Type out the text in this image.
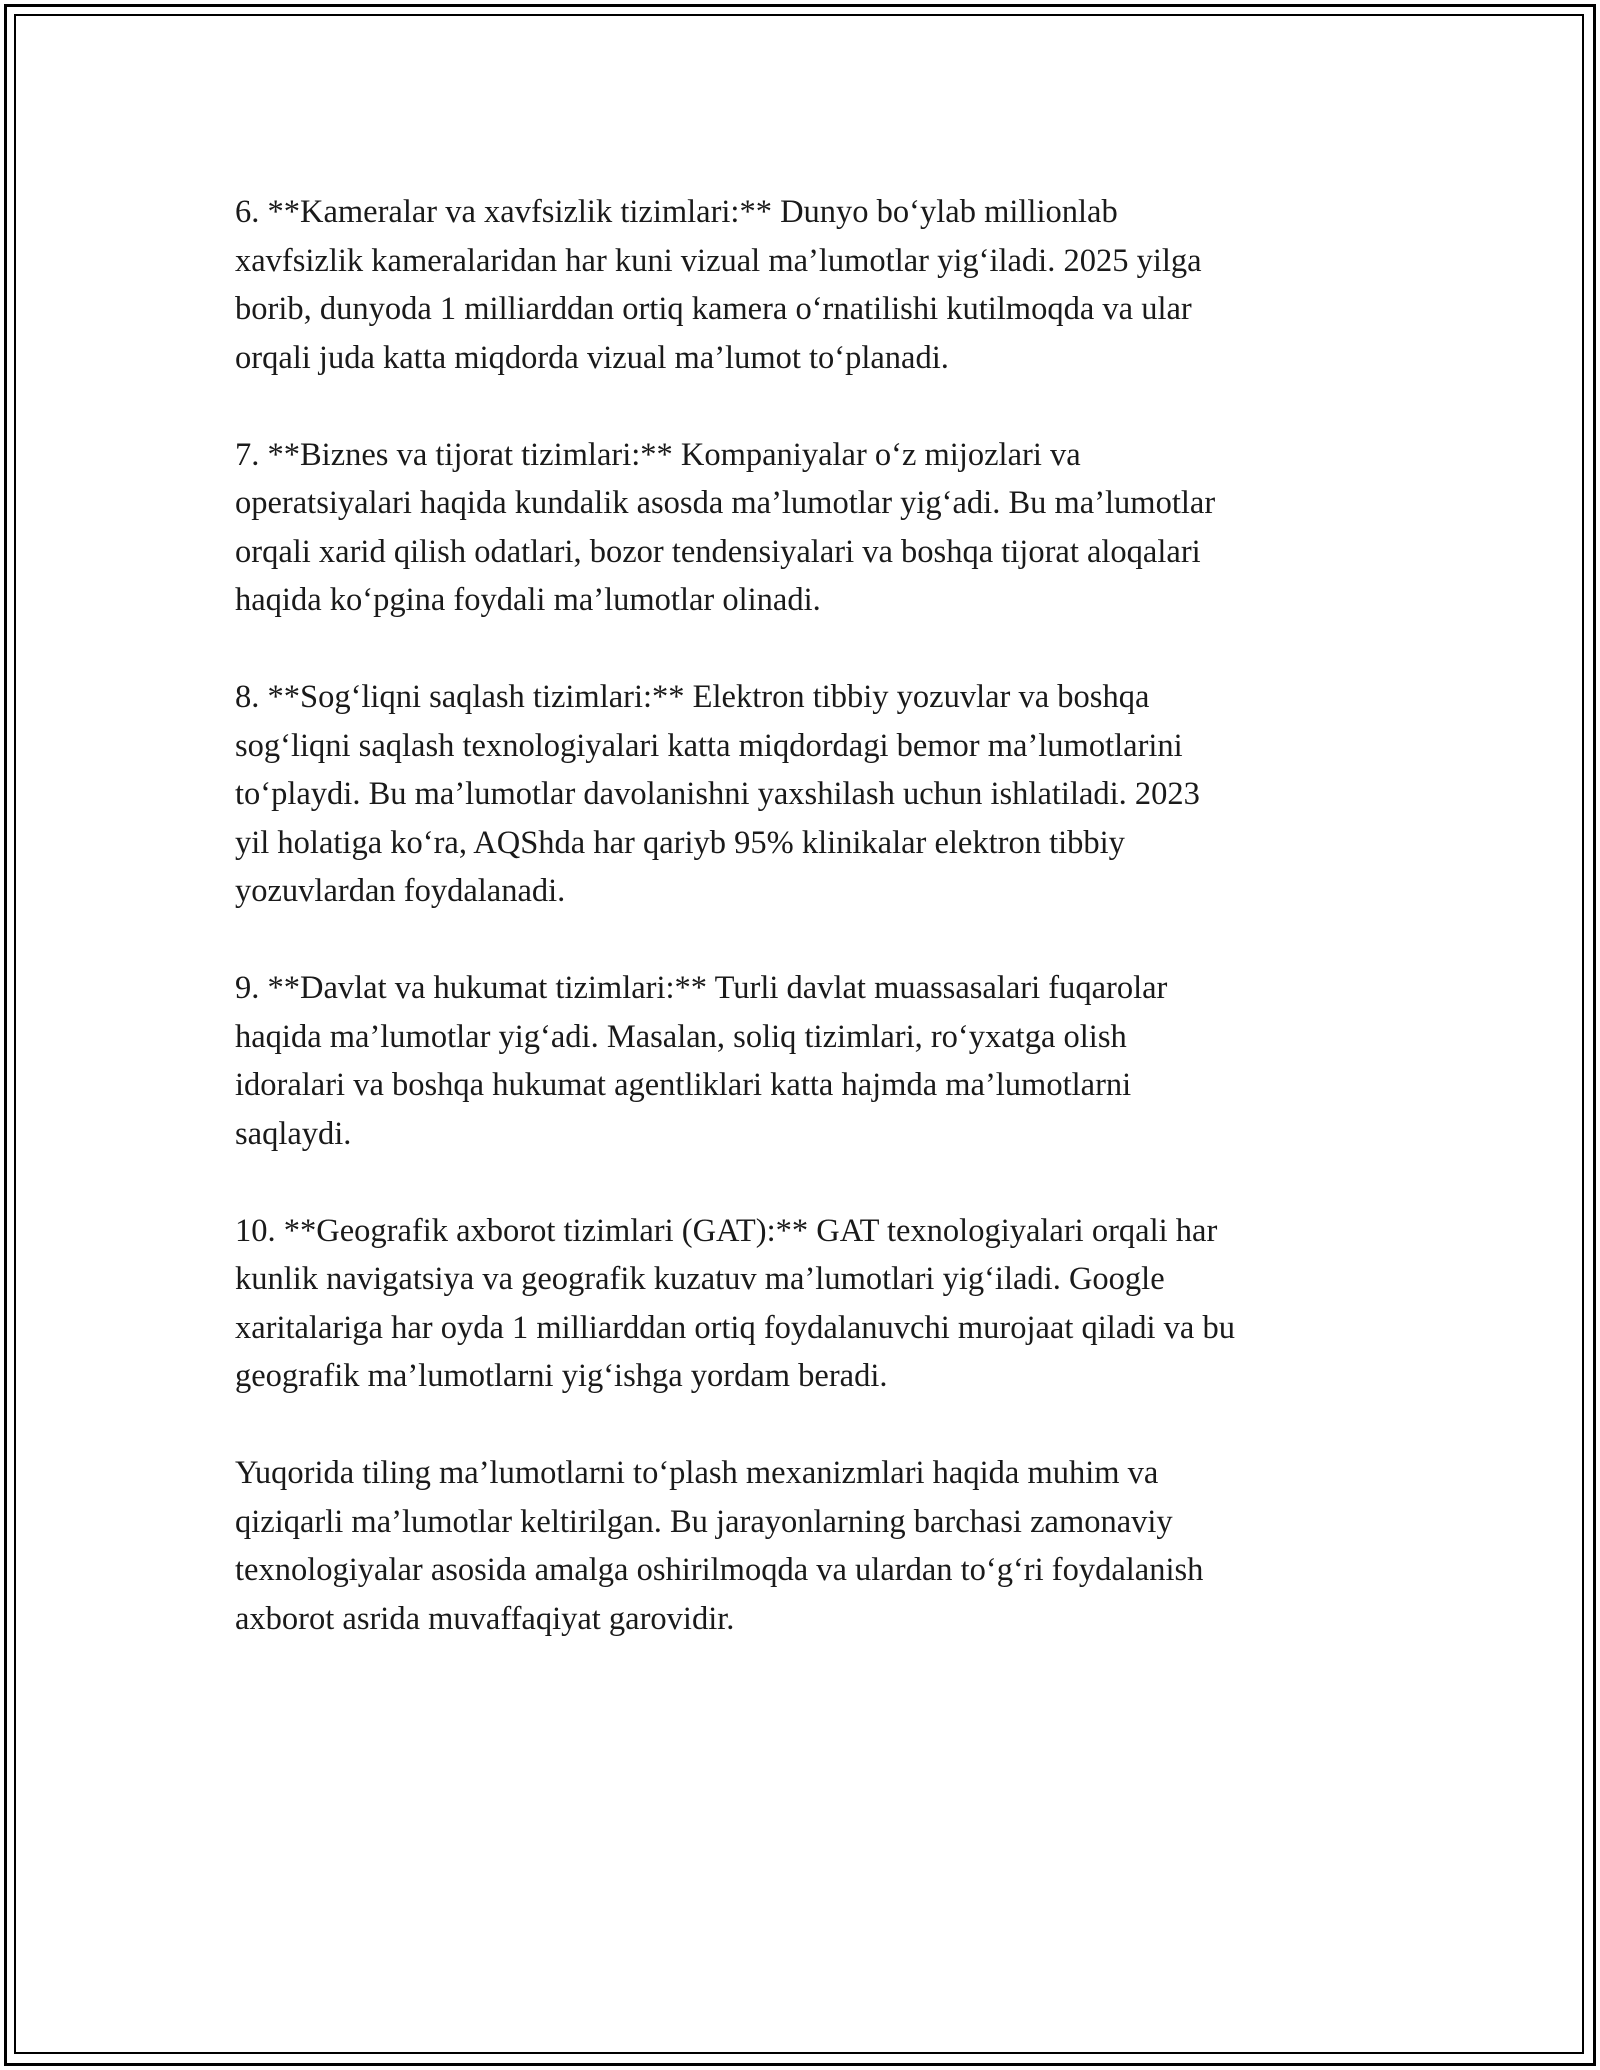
6. **Kameralar va xavfsizlik tizimlari:** Dunyo bo‘ylab millionlab
xavfsizlik kameralaridan har kuni vizual ma’lumotlar yig‘iladi. 2025 yilga
borib, dunyoda 1 milliarddan ortiq kamera o‘rnatilishi kutilmoqda va ular
orqali juda katta miqdorda vizual ma’lumot to‘planadi.

7. **Biznes va tijorat tizimlari:** Kompaniyalar o‘z mijozlari va
operatsiyalari haqida kundalik asosda ma’lumotlar yig‘adi. Bu ma’lumotlar
orqali xarid qilish odatlari, bozor tendensiyalari va boshqa tijorat aloqalari
haqida ko‘pgina foydali ma’lumotlar olinadi.

8. **Sog‘liqni saqlash tizimlari:** Elektron tibbiy yozuvlar va boshqa
sog‘liqni saqlash texnologiyalari katta miqdordagi bemor ma’lumotlarini
to‘playdi. Bu ma’lumotlar davolanishni yaxshilash uchun ishlatiladi. 2023
yil holatiga ko‘ra, AQShda har qariyb 95% klinikalar elektron tibbiy
yozuvlardan foydalanadi.

9. **Davlat va hukumat tizimlari:** Turli davlat muassasalari fuqarolar
haqida ma’lumotlar yig‘adi. Masalan, soliq tizimlari, ro‘yxatga olish
idoralari va boshqa hukumat agentliklari katta hajmda ma’lumotlarni
saqlaydi.

10. **Geografik axborot tizimlari (GAT):** GAT texnologiyalari orqali har
kunlik navigatsiya va geografik kuzatuv ma’lumotlari yig‘iladi. Google
xaritalariga har oyda 1 milliarddan ortiq foydalanuvchi murojaat qiladi va bu
geografik ma’lumotlarni yig‘ishga yordam beradi.

Yuqorida tiling ma’lumotlarni to‘plash mexanizmlari haqida muhim va
qiziqarli ma’lumotlar keltirilgan. Bu jarayonlarning barchasi zamonaviy
texnologiyalar asosida amalga oshirilmoqda va ulardan to‘g‘ri foydalanish
axborot asrida muvaffaqiyat garovidir.
